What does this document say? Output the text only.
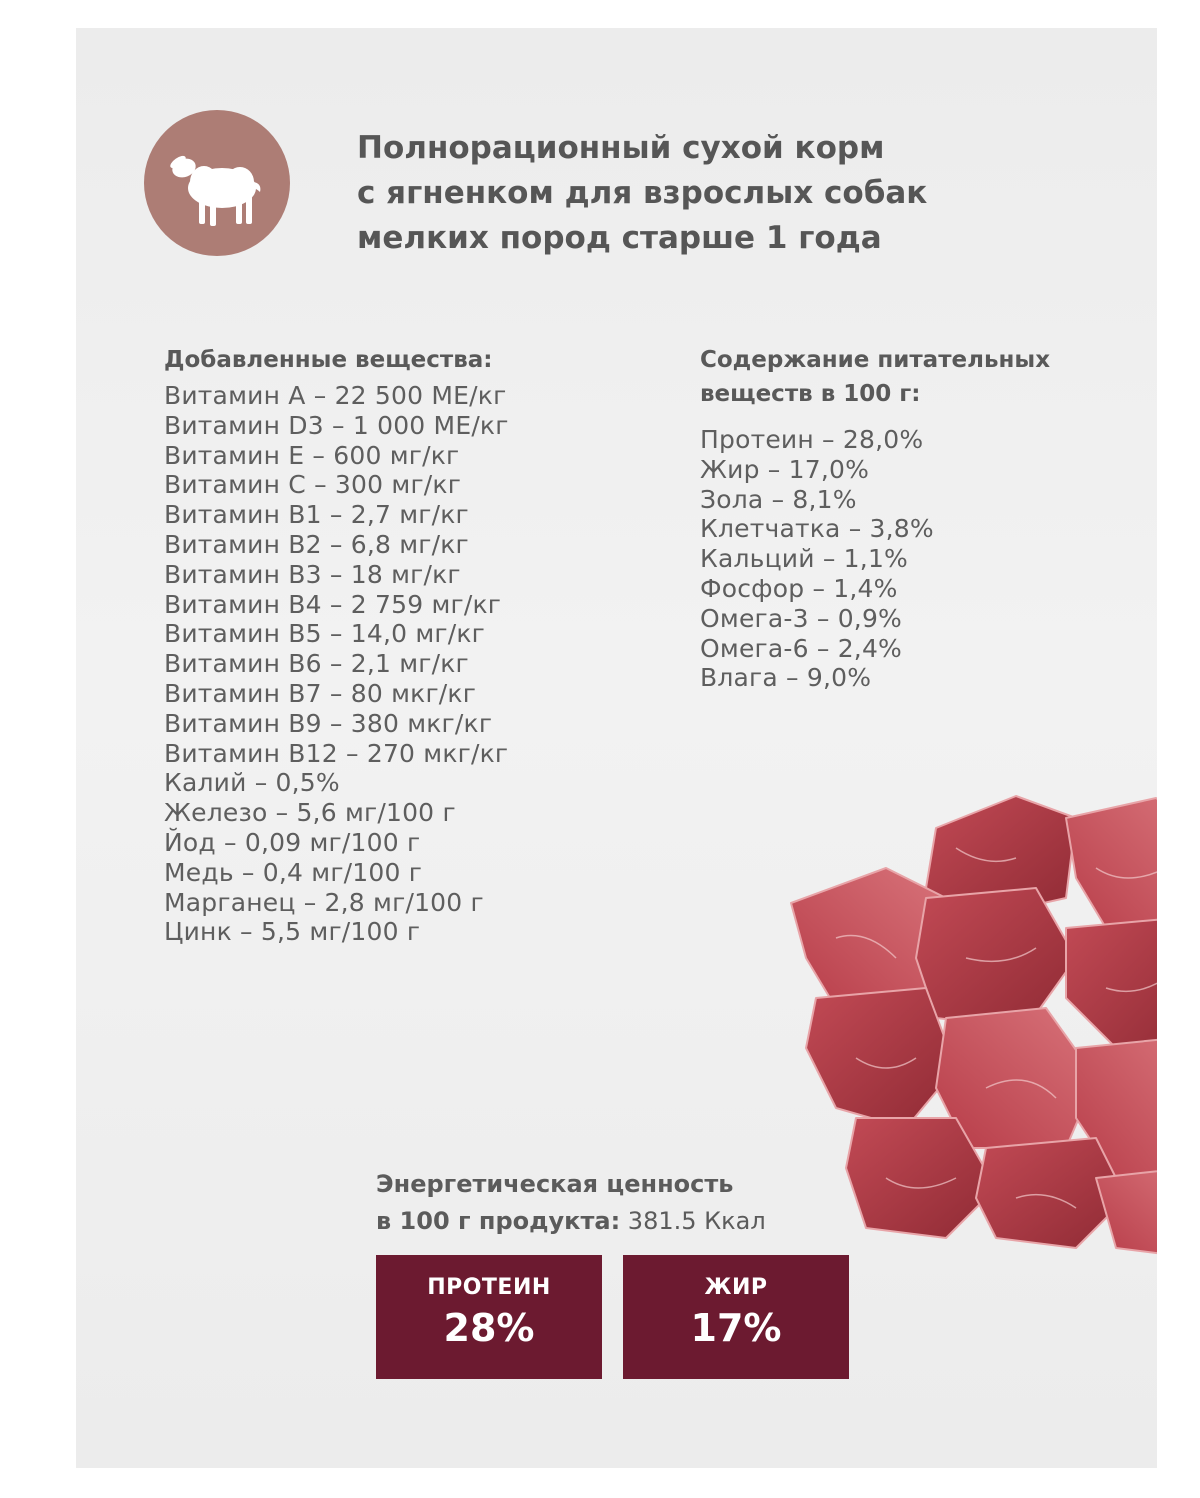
Полнорационный сухой корм
с ягненком для взрослых собак
мелких пород старше 1 года

Добавленные вещества:

Витамин А – 22 500 МЕ/кг
Витамин D3 – 1 000 МЕ/кг
Витамин Е – 600 мг/кг
Витамин С – 300 мг/кг
Витамин В1 – 2,7 мг/кг
Витамин В2 – 6,8 мг/кг
Витамин В3 – 18 мг/кг
Витамин В4 – 2 759 мг/кг
Витамин В5 – 14,0 мг/кг
Витамин В6 – 2,1 мг/кг
Витамин В7 – 80 мкг/кг
Витамин В9 – 380 мкг/кг
Витамин В12 – 270 мкг/кг
Калий – 0,5%
Железо – 5,6 мг/100 г
Йод – 0,09 мг/100 г
Медь – 0,4 мг/100 г
Марганец – 2,8 мг/100 г
Цинк – 5,5 мг/100 г

Содержание питательных

веществ в 100 г:

Протеин – 28,0%
Жир – 17,0%
Зола – 8,1%
Клетчатка – 3,8%
Кальций – 1,1%
Фосфор – 1,4%
Омега-3 – 0,9%
Омега-6 – 2,4%
Влага – 9,0%
Энергетическая ценность
в 100 г продукта: 381.5 Ккал
ПРОТЕИН
28%
ЖИР
17%
